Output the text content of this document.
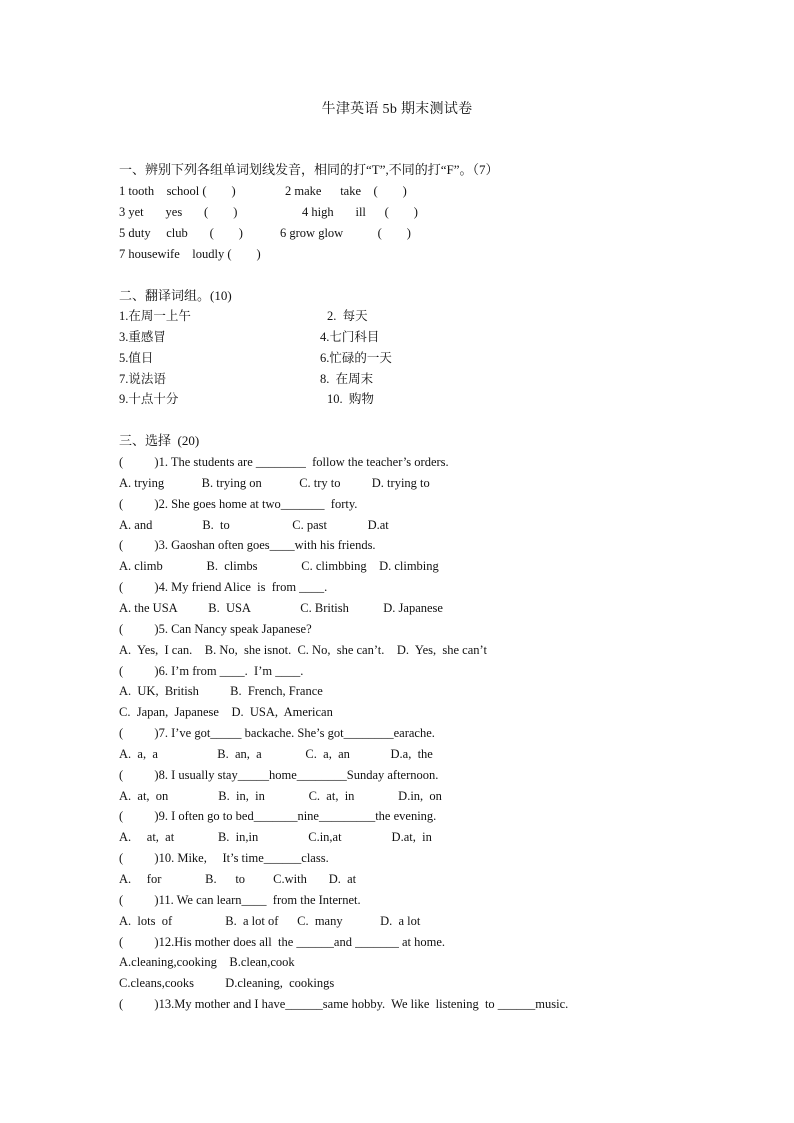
牛津英语 5b 期末测试卷
一、辨别下列各组单词划线发音，相同的打“T”,不同的打“F”。（7）
1 tooth    school (        )	2 make      take    (        )
3 yet       yes       (        )	4 high       ill      (        )
5 duty     club       (        )	6 grow glow           (        )
7 housewife    loudly (        )
二、翻译词组。(10)
1.在周一上午	2.  每天
3.重感冒	4.七门科目
5.值日	6.忙碌的一天
7.说法语	8.  在周末
9.十点十分	10.  购物
三、选择  (20)
(          )1. The students are ________  follow the teacher’s orders.
A. trying            B. trying on            C. try to          D. trying to
(          )2. She goes home at two_______  forty.
A. and                B.  to                    C. past             D.at
(          )3. Gaoshan often goes____with his friends.
A. climb              B.  climbs              C. climbbing    D. climbing
(          )4. My friend Alice  is  from ____.
A. the USA          B.  USA                C. British           D. Japanese
(          )5. Can Nancy speak Japanese?
A.  Yes,  I can.    B. No,  she isnot.  C. No,  she can’t.    D.  Yes,  she can’t
(          )6. I’m from ____.  I’m ____.
A.  UK,  British          B.  French, France
C.  Japan,  Japanese    D.  USA,  American
(          )7. I’ve got_____ backache. She’s got________earache.
A.  a,  a                   B.  an,  a              C.  a,  an             D.a,  the
(          )8. I usually stay_____home________Sunday afternoon.
A.  at,  on                B.  in,  in              C.  at,  in              D.in,  on
(          )9. I often go to bed_______nine_________the evening.
A.     at,  at              B.  in,in                C.in,at                D.at,  in
(          )10. Mike,     It’s time______class.
A.     for              B.      to         C.with       D.  at
(          )11. We can learn____  from the Internet.
A.  lots  of                 B.  a lot of      C.  many            D.  a lot
(          )12.His mother does all  the ______and _______ at home.
A.cleaning,cooking    B.clean,cook
C.cleans,cooks          D.cleaning,  cookings
(          )13.My mother and I have______same hobby.  We like  listening  to ______music.
